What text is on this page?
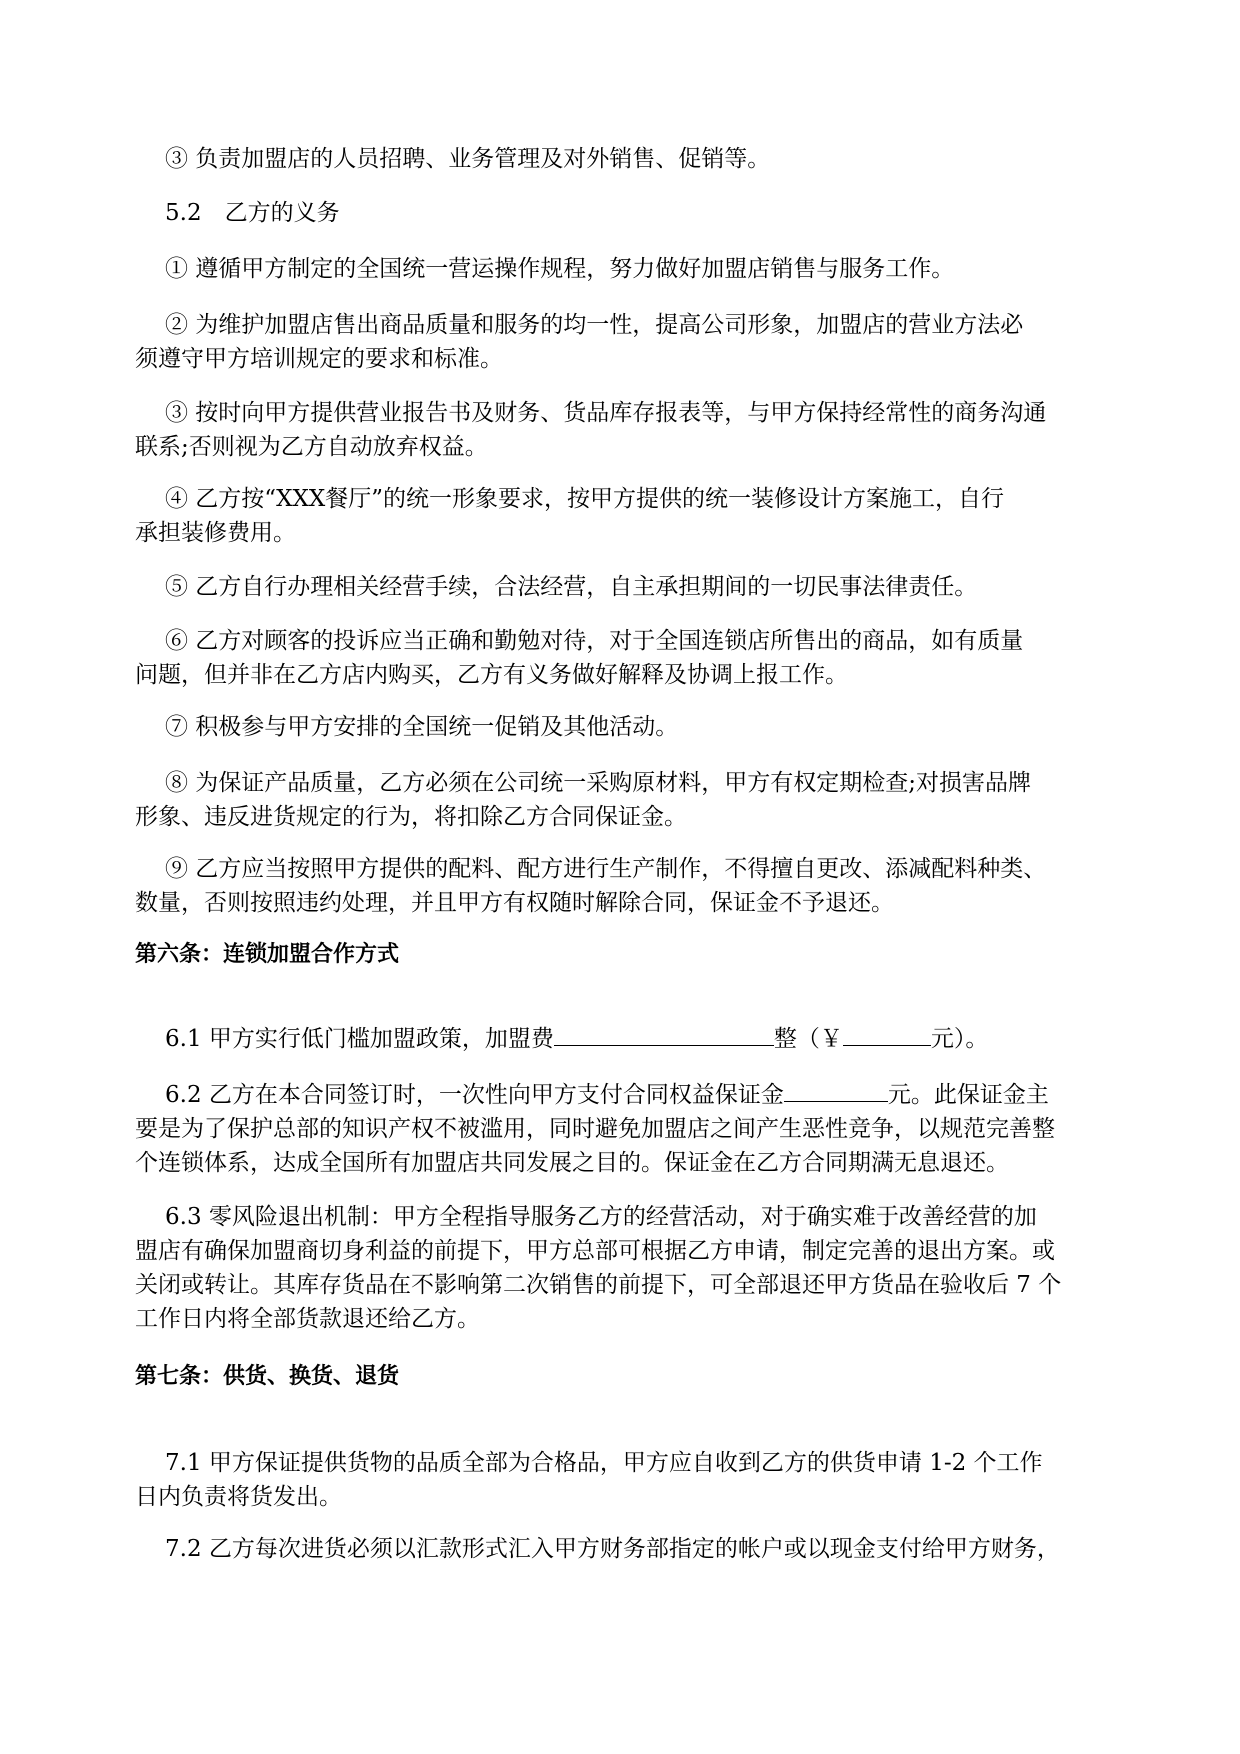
③ 负责加盟店的人员招聘、业务管理及对外销售、促销等。

5.2　乙方的义务

① 遵循甲方制定的全国统一营运操作规程，努力做好加盟店销售与服务工作。

② 为维护加盟店售出商品质量和服务的均一性，提高公司形象，加盟店的营业方法必
须遵守甲方培训规定的要求和标准。

③ 按时向甲方提供营业报告书及财务、货品库存报表等，与甲方保持经常性的商务沟通
联系;否则视为乙方自动放弃权益。

④ 乙方按“XXX餐厅”的统一形象要求，按甲方提供的统一装修设计方案施工，自行
承担装修费用。

⑤ 乙方自行办理相关经营手续，合法经营，自主承担期间的一切民事法律责任。

⑥ 乙方对顾客的投诉应当正确和勤勉对待，对于全国连锁店所售出的商品，如有质量
问题，但并非在乙方店内购买，乙方有义务做好解释及协调上报工作。

⑦ 积极参与甲方安排的全国统一促销及其他活动。

⑧ 为保证产品质量，乙方必须在公司统一采购原材料，甲方有权定期检查;对损害品牌
形象、违反进货规定的行为，将扣除乙方合同保证金。

⑨ 乙方应当按照甲方提供的配料、配方进行生产制作，不得擅自更改、添减配料种类、
数量，否则按照违约处理，并且甲方有权随时解除合同，保证金不予退还。

第六条：连锁加盟合作方式

6.1 甲方实行低门槛加盟政策，加盟费	整（￥	元）。

6.2 乙方在本合同签订时，一次性向甲方支付合同权益保证金	元。此保证金主
要是为了保护总部的知识产权不被滥用，同时避免加盟店之间产生恶性竞争，以规范完善整
个连锁体系，达成全国所有加盟店共同发展之目的。保证金在乙方合同期满无息退还。

6.3 零风险退出机制：甲方全程指导服务乙方的经营活动，对于确实难于改善经营的加
盟店有确保加盟商切身利益的前提下，甲方总部可根据乙方申请，制定完善的退出方案。或
关闭或转让。其库存货品在不影响第二次销售的前提下，可全部退还甲方货品在验收后 7 个
工作日内将全部货款退还给乙方。

第七条：供货、换货、退货

7.1 甲方保证提供货物的品质全部为合格品，甲方应自收到乙方的供货申请 1-2 个工作
日内负责将货发出。

7.2 乙方每次进货必须以汇款形式汇入甲方财务部指定的帐户或以现金支付给甲方财务，
